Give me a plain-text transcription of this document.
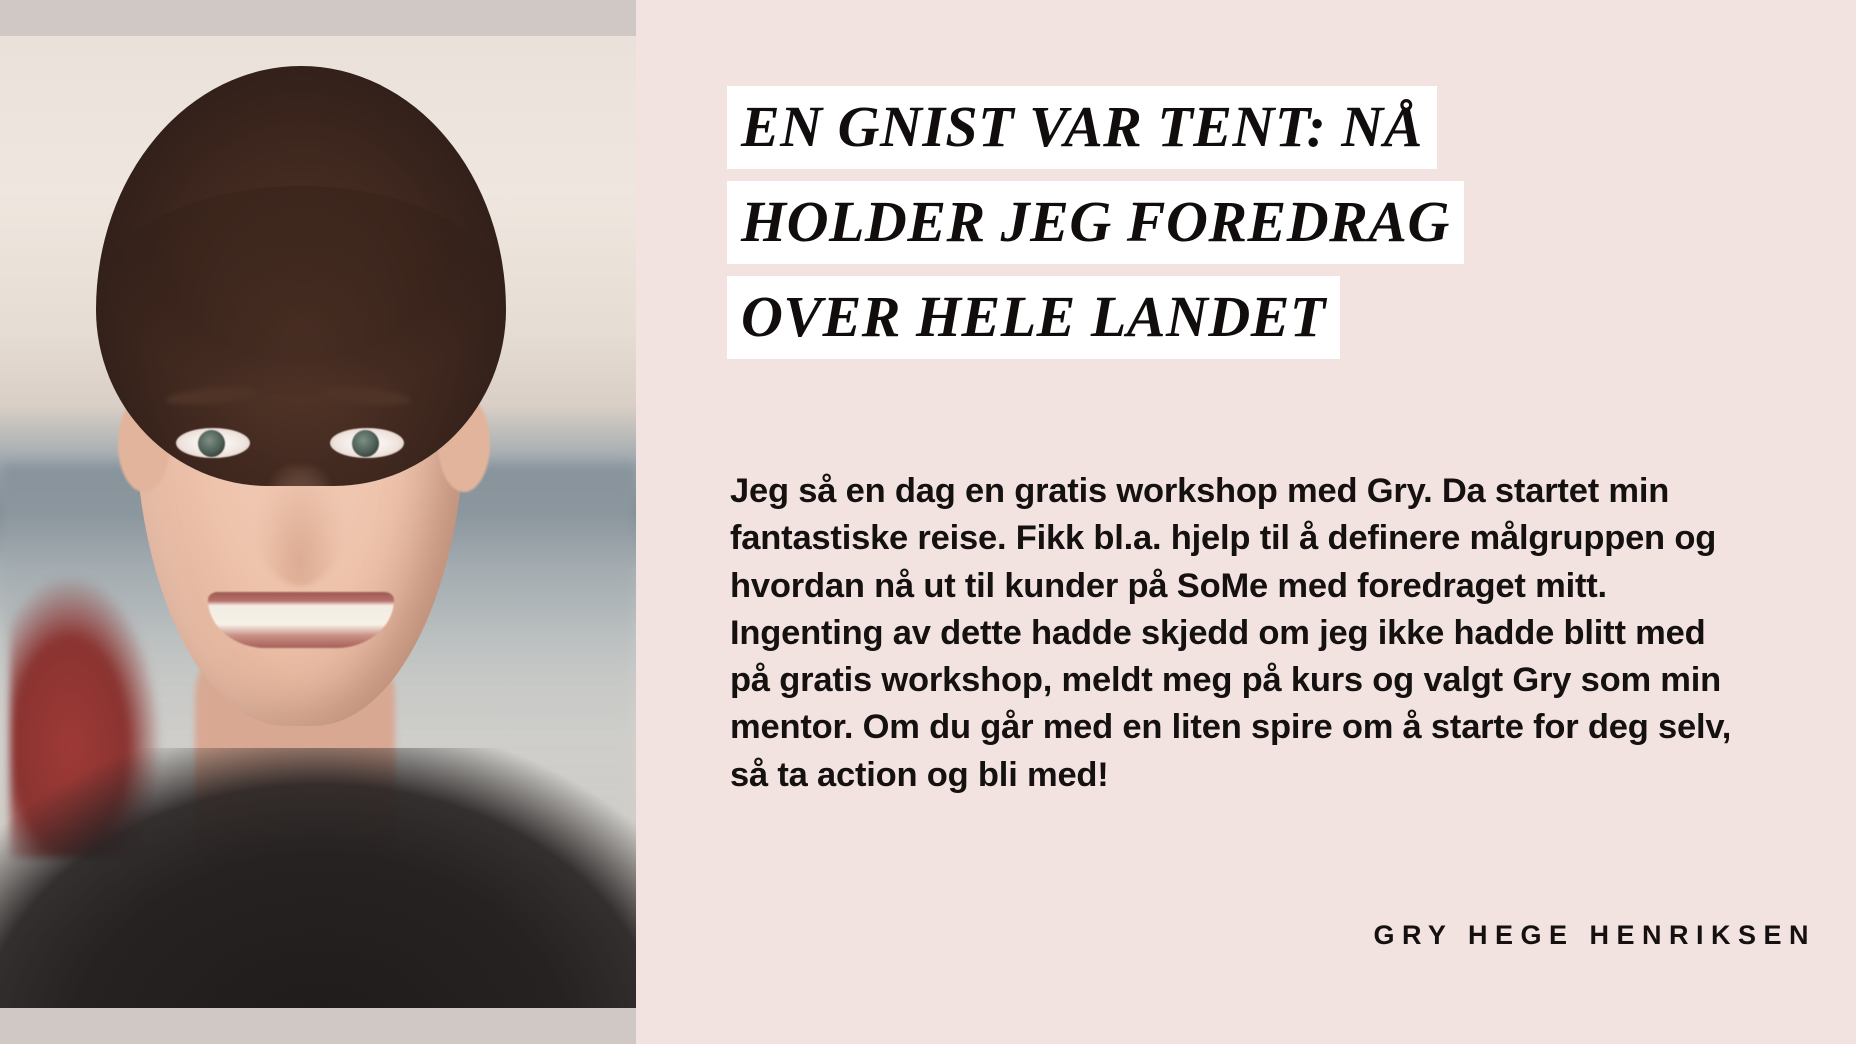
EN GNIST VAR TENT: NÅ
HOLDER JEG FOREDRAG
OVER HELE LANDET
Jeg så en dag en gratis workshop med Gry. Da startet min fantastiske reise. Fikk bl.a. hjelp til å definere målgruppen og hvordan nå ut til kunder på SoMe med foredraget mitt. Ingenting av dette hadde skjedd om jeg ikke hadde blitt med på gratis workshop, meldt meg på kurs og valgt Gry som min mentor. Om du går med en liten spire om å starte for deg selv, så ta action og bli med!
GRY HEGE HENRIKSEN
